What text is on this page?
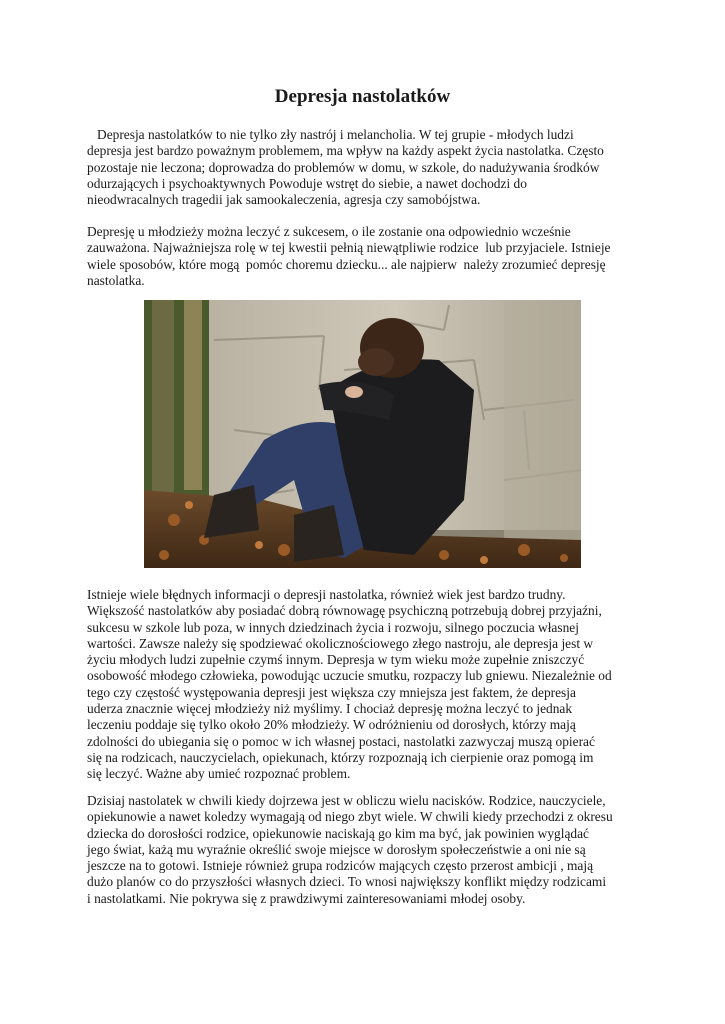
Depresja nastolatków

Depresja nastolatków to nie tylko zły nastrój i melancholia. W tej grupie - młodych ludzi
depresja jest bardzo poważnym problemem, ma wpływ na każdy aspekt życia nastolatka. Często
pozostaje nie leczona; doprowadza do problemów w domu, w szkole, do nadużywania środków
odurzających i psychoaktywnych Powoduje wstręt do siebie, a nawet dochodzi do
nieodwracalnych tragedii jak samookaleczenia, agresja czy samobójstwa.

Depresję u młodzieży można leczyć z sukcesem, o ile zostanie ona odpowiednio wcześnie
zauważona. Najważniejsza rolę w tej kwestii pełnią niewątpliwie rodzice  lub przyjaciele. Istnieje
wiele sposobów, które mogą  pomóc choremu dziecku... ale najpierw  należy zrozumieć depresję
nastolatka.

Istnieje wiele błędnych informacji o depresji nastolatka, również wiek jest bardzo trudny.
Większość nastolatków aby posiadać dobrą równowagę psychiczną potrzebują dobrej przyjaźni,
sukcesu w szkole lub poza, w innych dziedzinach życia i rozwoju, silnego poczucia własnej
wartości. Zawsze należy się spodziewać okolicznościowego złego nastroju, ale depresja jest w
życiu młodych ludzi zupełnie czymś innym. Depresja w tym wieku może zupełnie zniszczyć
osobowość młodego człowieka, powodując uczucie smutku, rozpaczy lub gniewu. Niezależnie od
tego czy częstość występowania depresji jest większa czy mniejsza jest faktem, że depresja
uderza znacznie więcej młodzieży niż myślimy. I chociaż depresję można leczyć to jednak
leczeniu poddaje się tylko około 20% młodzieży. W odróżnieniu od dorosłych, którzy mają
zdolności do ubiegania się o pomoc w ich własnej postaci, nastolatki zazwyczaj muszą opierać
się na rodzicach, nauczycielach, opiekunach, którzy rozpoznają ich cierpienie oraz pomogą im
się leczyć. Ważne aby umieć rozpoznać problem.

Dzisiaj nastolatek w chwili kiedy dojrzewa jest w obliczu wielu nacisków. Rodzice, nauczyciele,
opiekunowie a nawet koledzy wymagają od niego zbyt wiele. W chwili kiedy przechodzi z okresu
dziecka do dorosłości rodzice, opiekunowie naciskają go kim ma być, jak powinien wyglądać
jego świat, każą mu wyraźnie określić swoje miejsce w dorosłym społeczeństwie a oni nie są
jeszcze na to gotowi. Istnieje również grupa rodziców mających często przerost ambicji , mają
dużo planów co do przyszłości własnych dzieci. To wnosi największy konflikt między rodzicami
i nastolatkami. Nie pokrywa się z prawdziwymi zainteresowaniami młodej osoby.
